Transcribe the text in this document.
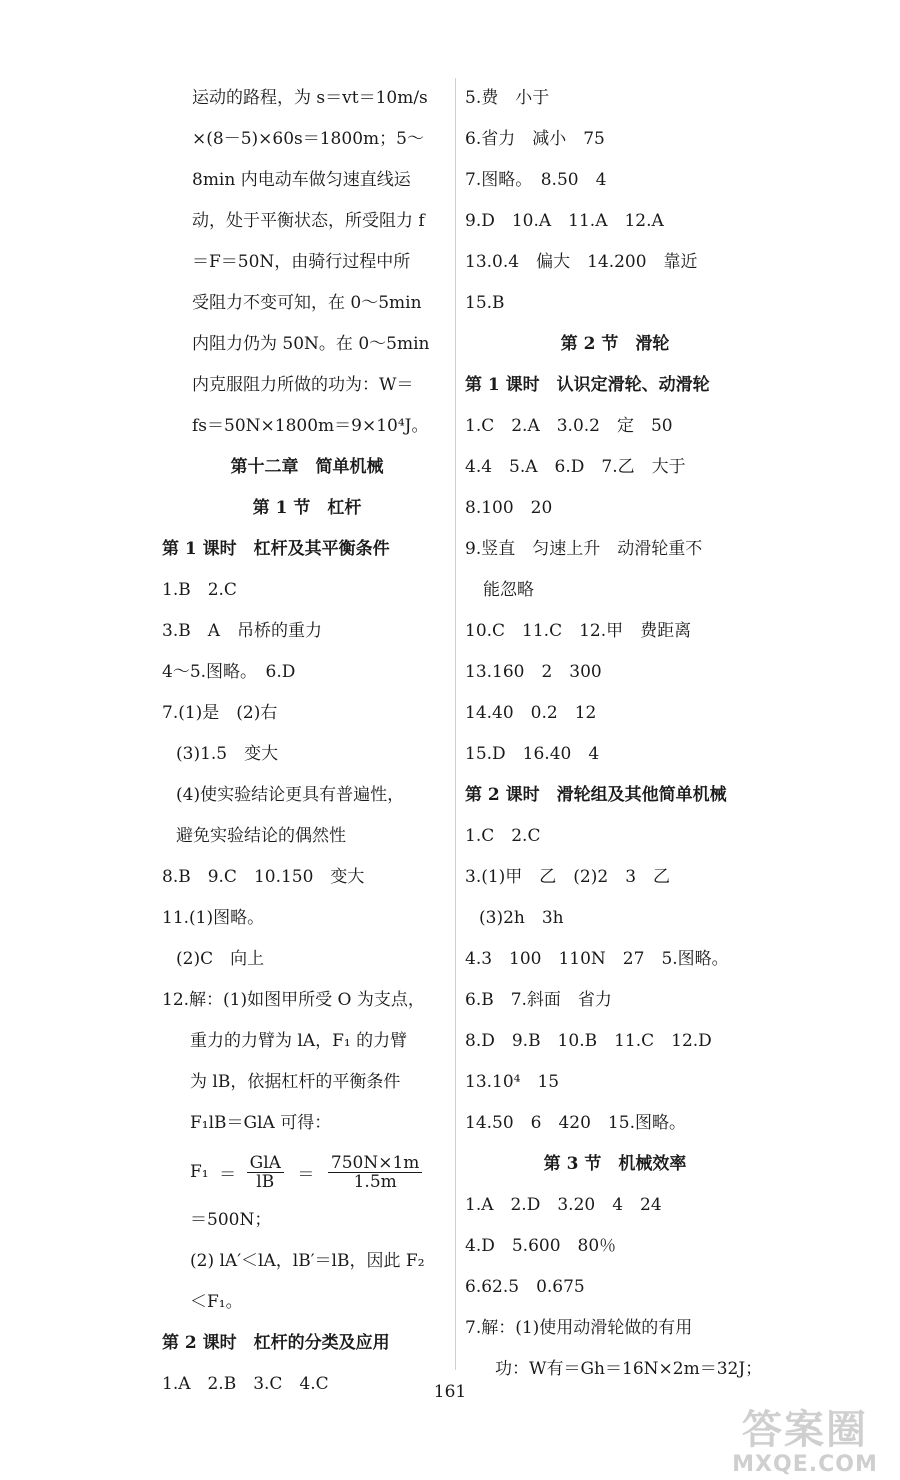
运动的路程，为 s＝vt＝10m/s
×(8－5)×60s＝1800m；5～
8min 内电动车做匀速直线运
动，处于平衡状态，所受阻力 f
＝F＝50N，由骑行过程中所
受阻力不变可知，在 0～5min
内阻力仍为 50N。在 0～5min
内克服阻力所做的功为：W＝
fs＝50N×1800m＝9×10⁴J。
第十二章　简单机械
第 1 节　杠杆
第 1 课时　杠杆及其平衡条件
1.B　2.C
3.B　A　吊桥的重力
4～5.图略。　6.D
7.(1)是　(2)右
(3)1.5　变大
(4)使实验结论更具有普遍性，
避免实验结论的偶然性
8.B　9.C　10.150　变大
11.(1)图略。
(2)C　向上
12.解：(1)如图甲所受 O 为支点，
重力的力臂为 lA，F₁ 的力臂
为 lB，依据杠杆的平衡条件
F₁lB＝GlA 可得：
$F_1 = \frac{\text{GlA}}{lB} = \frac{750N\times 1m}{1.5m}$
＝500N；
(2) lA′＜lA，lB′＝lB，因此 F₂
＜F₁。
第 2 课时　杠杆的分类及应用
1.A　2.B　3.C　4.C
5.费　小于
6.省力　减小　75
7.图略。　8.50　4
9.D　10.A　11.A　12.A
13.0.4　偏大　14.200　靠近
15.B
第 2 节　滑轮
第 1 课时　认识定滑轮、动滑轮
1.C　2.A　3.0.2　定　50
4.4　5.A　6.D　7.乙　大于
8.100　20
9.竖直　匀速上升　动滑轮重不
能忽略
10.C　11.C　12.甲　费距离
13.160　2　300
14.40　0.2　12
15.D　16.40　4
第 2 课时　滑轮组及其他简单机械
1.C　2.C
3.(1)甲　乙　(2)2　3　乙
(3)2h　3h
4.3　100　110N　27　5.图略。
6.B　7.斜面　省力
8.D　9.B　10.B　11.C　12.D
13.10⁴　15
14.50　6　420　15.图略。
第 3 节　机械效率
1.A　2.D　3.20　4　24
4.D　5.600　80％
6.62.5　0.675
7.解：(1)使用动滑轮做的有用
功：W有＝Gh＝16N×2m＝32J；
161
答案圈
MXQE.COM
